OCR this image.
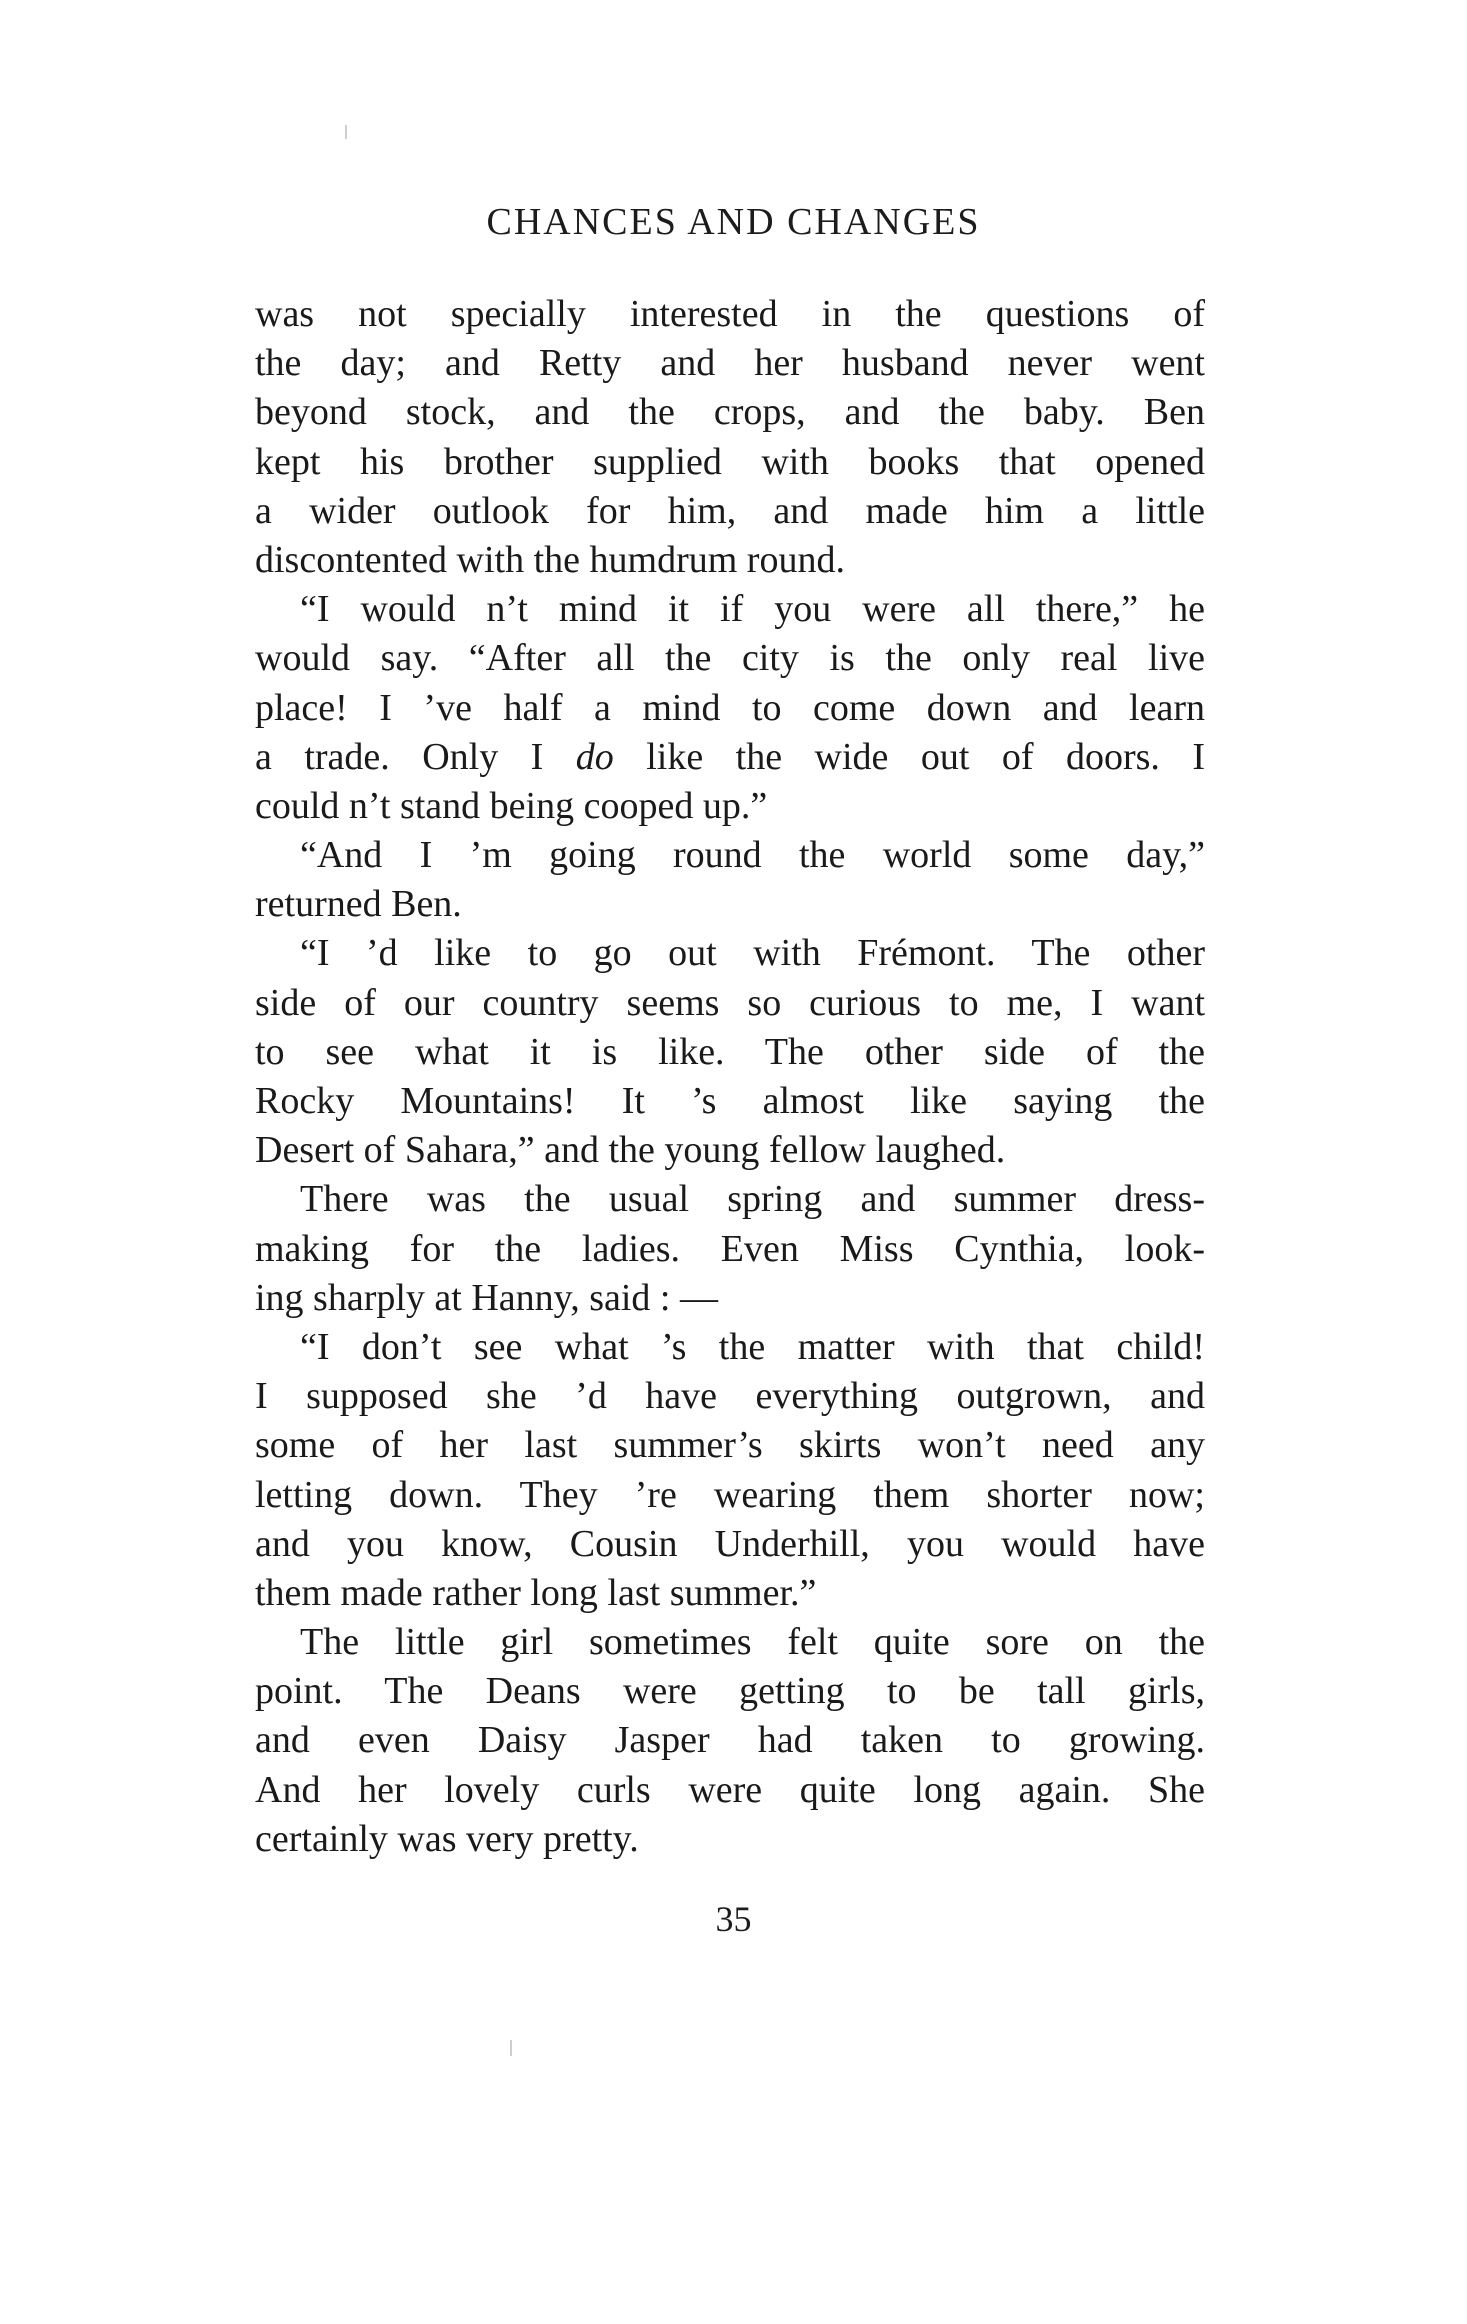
CHANCES AND CHANGES
was not specially interested in the questions of
the day; and Retty and her husband never went
beyond stock, and the crops, and the baby. Ben
kept his brother supplied with books that opened
a wider outlook for him, and made him a little
discontented with the humdrum round.
“I would n’t mind it if you were all there,” he
would say. “After all the city is the only real live
place! I ’ve half a mind to come down and learn
a trade. Only I do like the wide out of doors. I
could n’t stand being cooped up.”
“And I ’m going round the world some day,”
returned Ben.
“I ’d like to go out with Frémont. The other
side of our country seems so curious to me, I want
to see what it is like. The other side of the
Rocky Mountains! It ’s almost like saying the
Desert of Sahara,” and the young fellow laughed.
There was the usual spring and summer dress-
making for the ladies. Even Miss Cynthia, look-
ing sharply at Hanny, said : —
“I don’t see what ’s the matter with that child!
I supposed she ’d have everything outgrown, and
some of her last summer’s skirts won’t need any
letting down. They ’re wearing them shorter now;
and you know, Cousin Underhill, you would have
them made rather long last summer.”
The little girl sometimes felt quite sore on the
point. The Deans were getting to be tall girls,
and even Daisy Jasper had taken to growing.
And her lovely curls were quite long again. She
certainly was very pretty.
35
